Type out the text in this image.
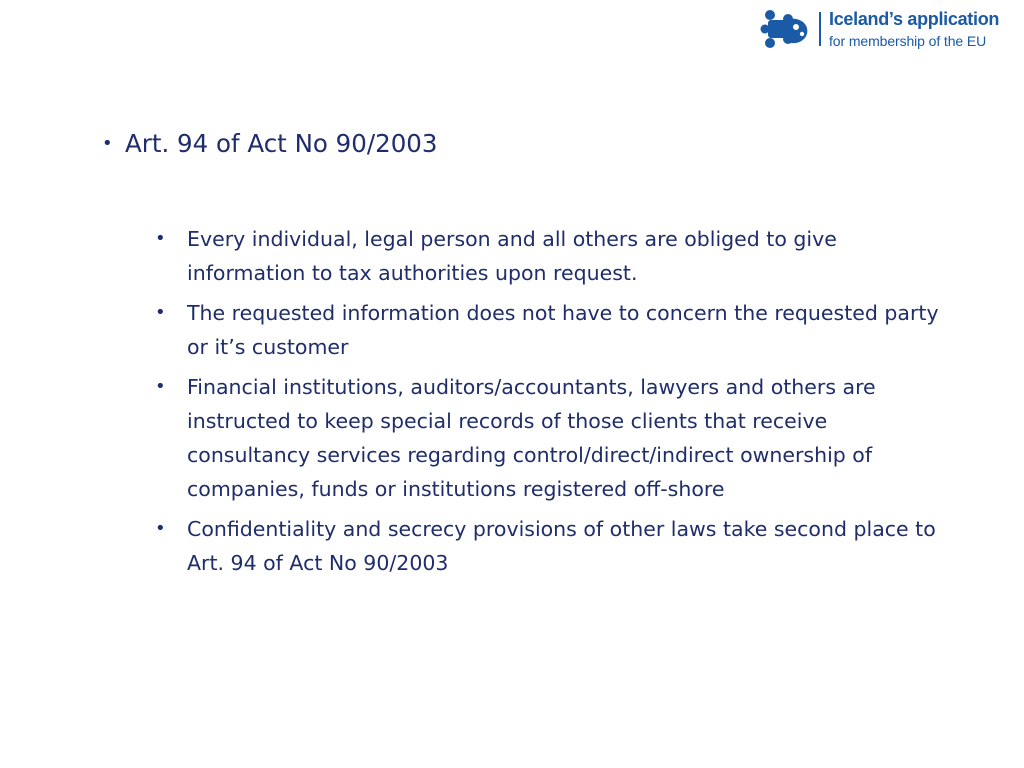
Iceland’s application
for membership of the EU
• Art. 94 of Act No 90/2003
• Every individual, legal person and all others are obliged to give information to tax authorities upon request.
• The requested information does not have to concern the requested party or it’s customer
• Financial institutions, auditors/accountants, lawyers and others are instructed to keep special records of those clients that receive consultancy services regarding control/direct/indirect ownership of companies, funds or institutions registered off-shore
• Confidentiality and secrecy provisions of other laws take second place to Art. 94 of Act No 90/2003
